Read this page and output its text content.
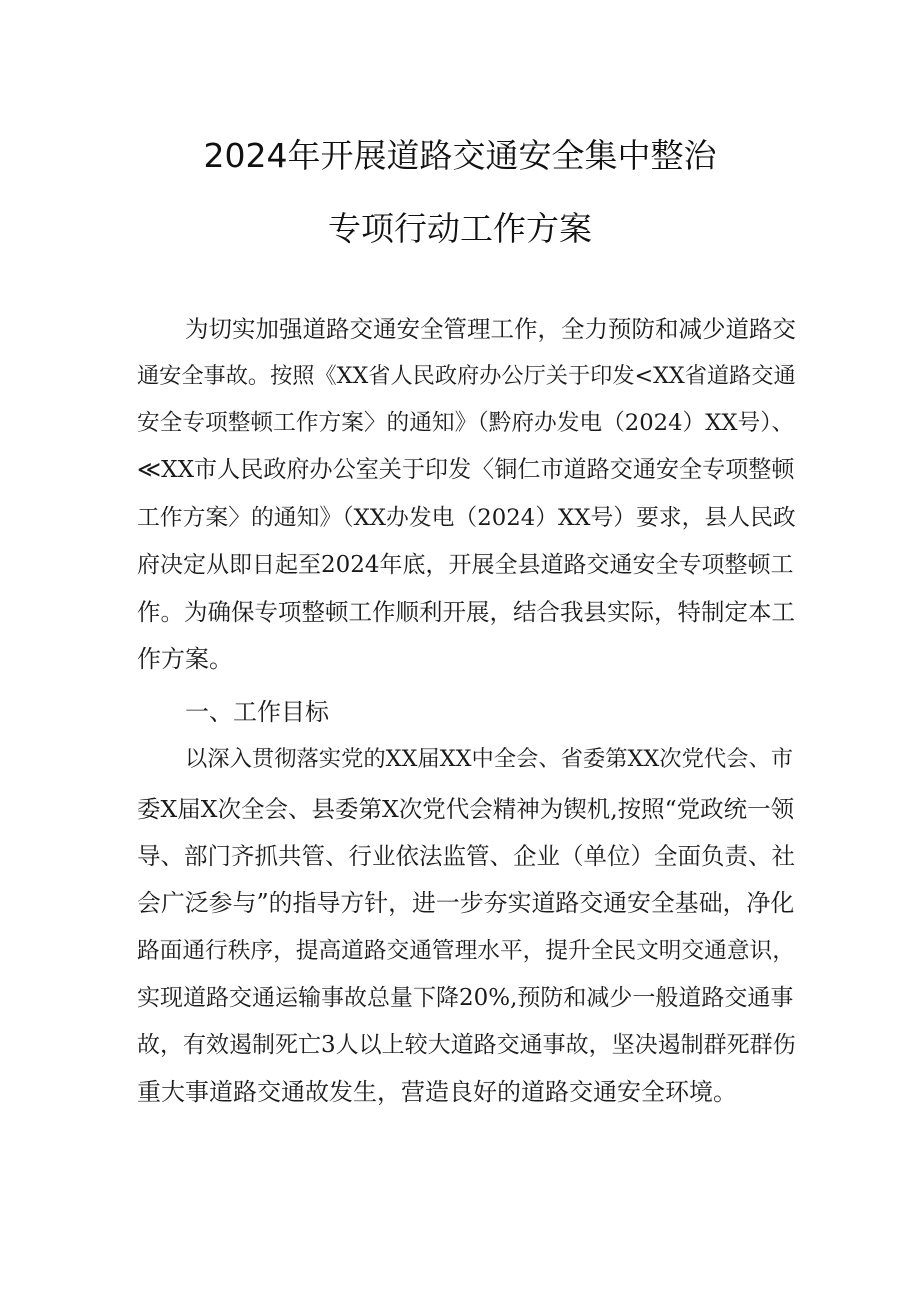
2024年开展道路交通安全集中整治
专项行动工作方案

为切实加强道路交通安全管理工作，全力预防和减少道路交

通安全事故。按照《XX省人民政府办公厅关于印发<XX省道路交通

安全专项整顿工作方案〉的通知》（黔府办发电（2024）XX号）、

≪XX市人民政府办公室关于印发〈铜仁市道路交通安全专项整顿

工作方案〉的通知》（XX办发电（2024）XX号）要求，县人民政

府决定从即日起至2024年底，开展全县道路交通安全专项整顿工

作。为确保专项整顿工作顺利开展，结合我县实际，特制定本工

作方案。

一、工作目标

以深入贯彻落实党的XX届XX中全会、省委第XX次党代会、市

委X届X次全会、县委第X次党代会精神为锲机,按照“党政统一领

导、部门齐抓共管、行业依法监管、企业（单位）全面负责、社

会广泛参与”的指导方针，进一步夯实道路交通安全基础，净化

路面通行秩序，提高道路交通管理水平，提升全民文明交通意识，

实现道路交通运输事故总量下降20%,预防和减少一般道路交通事

故，有效遏制死亡3人以上较大道路交通事故，坚决遏制群死群伤

重大事道路交通故发生，营造良好的道路交通安全环境。
